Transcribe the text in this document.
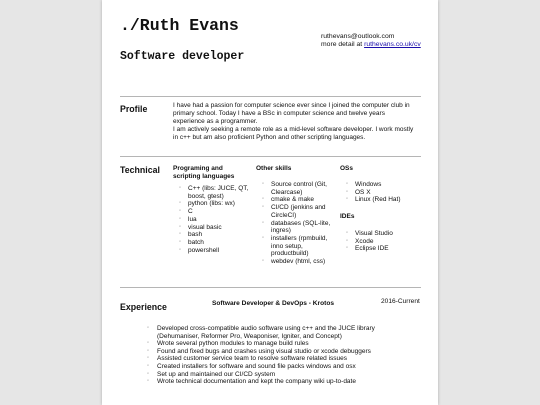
./Ruth Evans
Software developer
ruthevans@outlook.com
more detail at ruthevans.co.uk/cv
Profile	I have had a passion for computer science ever since I joined the computer club in primary school. Today I have a BSc in computer science and twelve years experience as a programmer.
I am actively seeking a remote role as a mid-level software developer. I work mostly in c++ but am also proficient Python and other scripting languages.
Technical Programing and scripting languages
◦ C++ (libs: JUCE, QT, boost, gtest)
◦ python (libs: wx)
◦ C
◦ lua
◦ visual basic
◦ bash
◦ batch
◦ powershell
Other skills
◦ Source control (Git, Clearcase)
◦ cmake & make
◦ CI/CD (jenkins and CircleCI)
◦ databases (SQL-lite, ingres)
◦ installers (rpmbuild, inno setup, productbuild)
◦ webdev (html, css)
OSs
◦ Windows
◦ OS X
◦ Linux (Red Hat)
IDEs
◦ Visual Studio
◦ Xcode
◦ Eclipse IDE
Experience	Software Developer & DevOps - Krotos	2016-Current
◦ Developed cross-compatible audio software using c++ and the JUCE library (Dehumaniser, Reformer Pro, Weaponiser, Igniter, and Concept)
◦ Wrote several python modules to manage build rules
◦ Found and fixed bugs and crashes using visual studio or xcode debuggers
◦ Assisted customer service team to resolve software related issues
◦ Created installers for software and sound file packs windows and osx
◦ Set up and maintained our CI/CD system
◦ Wrote technical documentation and kept the company wiki up-to-date
